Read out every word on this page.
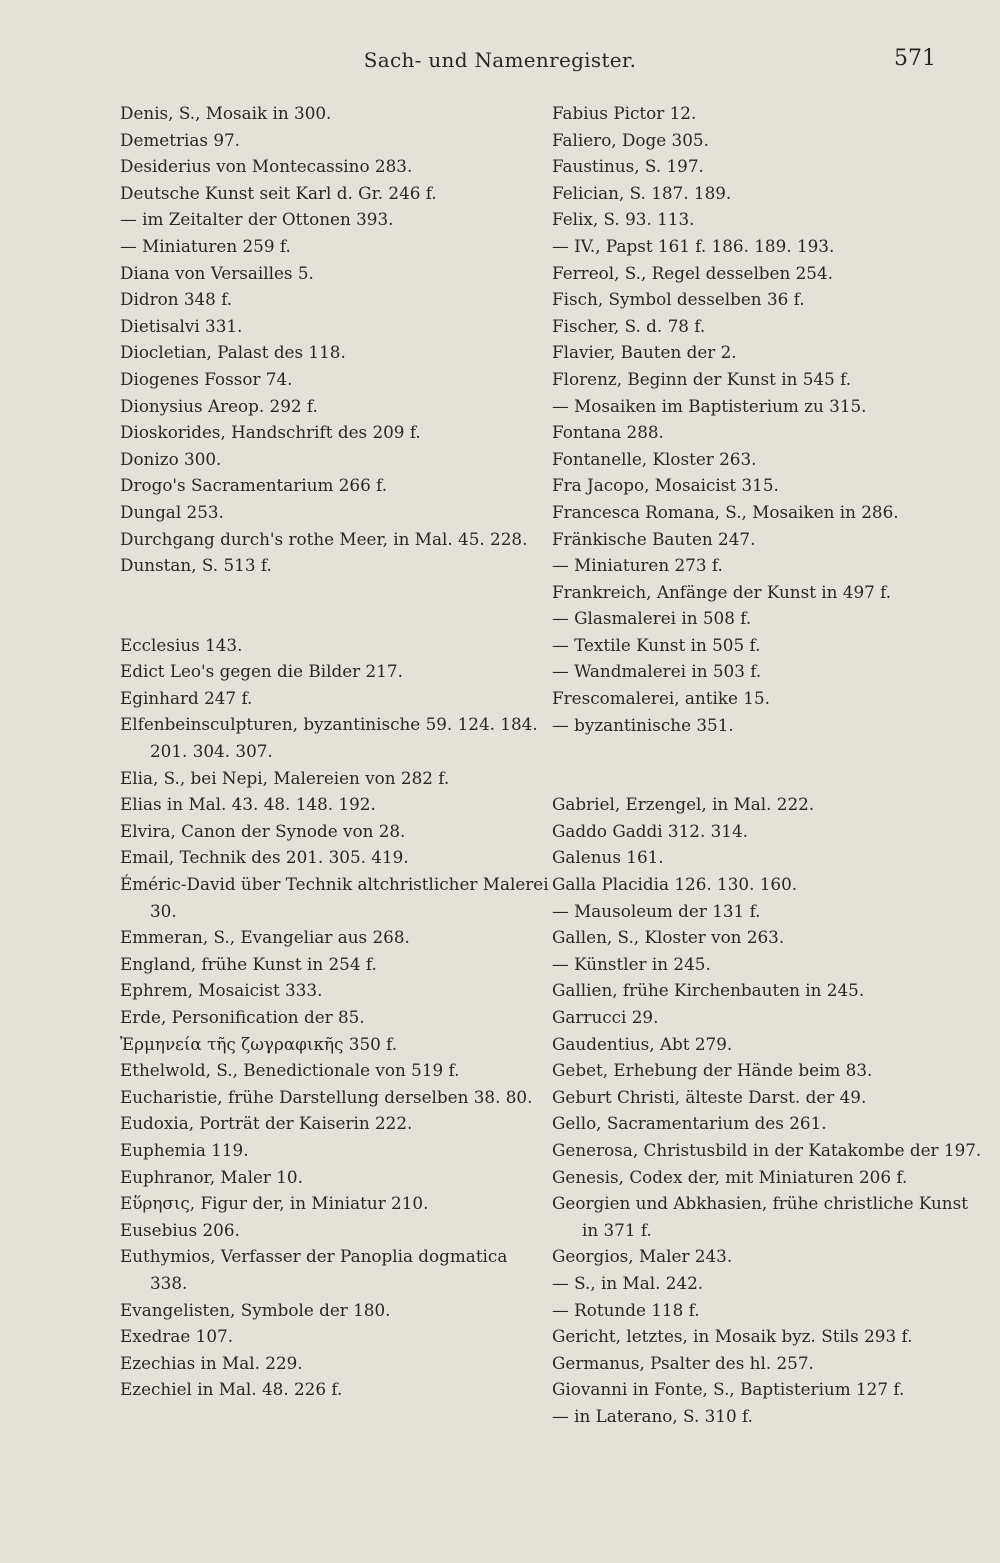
Sach- und Namenregister.	571
Denis, S., Mosaik in 300.
Demetrias 97.
Desiderius von Montecassino 283.
Deutsche Kunst seit Karl d. Gr. 246 f.
— im Zeitalter der Ottonen 393.
— Miniaturen 259 f.
Diana von Versailles 5.
Didron 348 f.
Dietisalvi 331.
Diocletian, Palast des 118.
Diogenes Fossor 74.
Dionysius Areop. 292 f.
Dioskorides, Handschrift des 209 f.
Donizo 300.
Drogo's Sacramentarium 266 f.
Dungal 253.
Durchgang durch's rothe Meer, in Mal. 45. 228.
Dunstan, S. 513 f.
Ecclesius 143.
Edict Leo's gegen die Bilder 217.
Eginhard 247 f.
Elfenbeinsculpturen, byzantinische 59. 124. 184. 201. 304. 307.
Elia, S., bei Nepi, Malereien von 282 f.
Elias in Mal. 43. 48. 148. 192.
Elvira, Canon der Synode von 28.
Email, Technik des 201. 305. 419.
Éméric-David über Technik altchristlicher Malerei 30.
Emmeran, S., Evangeliar aus 268.
England, frühe Kunst in 254 f.
Ephrem, Mosaicist 333.
Erde, Personification der 85.
Ἑρμηνεία τῆς ζωγραφικῆς 350 f.
Ethelwold, S., Benedictionale von 519 f.
Eucharistie, frühe Darstellung derselben 38. 80.
Eudoxia, Porträt der Kaiserin 222.
Euphemia 119.
Euphranor, Maler 10.
Εὕρησις, Figur der, in Miniatur 210.
Eusebius 206.
Euthymios, Verfasser der Panoplia dogmatica 338.
Evangelisten, Symbole der 180.
Exedrae 107.
Ezechias in Mal. 229.
Ezechiel in Mal. 48. 226 f.
Fabius Pictor 12.
Faliero, Doge 305.
Faustinus, S. 197.
Felician, S. 187. 189.
Felix, S. 93. 113.
— IV., Papst 161 f. 186. 189. 193.
Ferreol, S., Regel desselben 254.
Fisch, Symbol desselben 36 f.
Fischer, S. d. 78 f.
Flavier, Bauten der 2.
Florenz, Beginn der Kunst in 545 f.
— Mosaiken im Baptisterium zu 315.
Fontana 288.
Fontanelle, Kloster 263.
Fra Jacopo, Mosaicist 315.
Francesca Romana, S., Mosaiken in 286.
Fränkische Bauten 247.
— Miniaturen 273 f.
Frankreich, Anfänge der Kunst in 497 f.
— Glasmalerei in 508 f.
— Textile Kunst in 505 f.
— Wandmalerei in 503 f.
Frescomalerei, antike 15.
— byzantinische 351.
Gabriel, Erzengel, in Mal. 222.
Gaddo Gaddi 312. 314.
Galenus 161.
Galla Placidia 126. 130. 160.
— Mausoleum der 131 f.
Gallen, S., Kloster von 263.
— Künstler in 245.
Gallien, frühe Kirchenbauten in 245.
Garrucci 29.
Gaudentius, Abt 279.
Gebet, Erhebung der Hände beim 83.
Geburt Christi, älteste Darst. der 49.
Gello, Sacramentarium des 261.
Generosa, Christusbild in der Katakombe der 197.
Genesis, Codex der, mit Miniaturen 206 f.
Georgien und Abkhasien, frühe christliche Kunst in 371 f.
Georgios, Maler 243.
— S., in Mal. 242.
— Rotunde 118 f.
Gericht, letztes, in Mosaik byz. Stils 293 f.
Germanus, Psalter des hl. 257.
Giovanni in Fonte, S., Baptisterium 127 f.
— in Laterano, S. 310 f.
